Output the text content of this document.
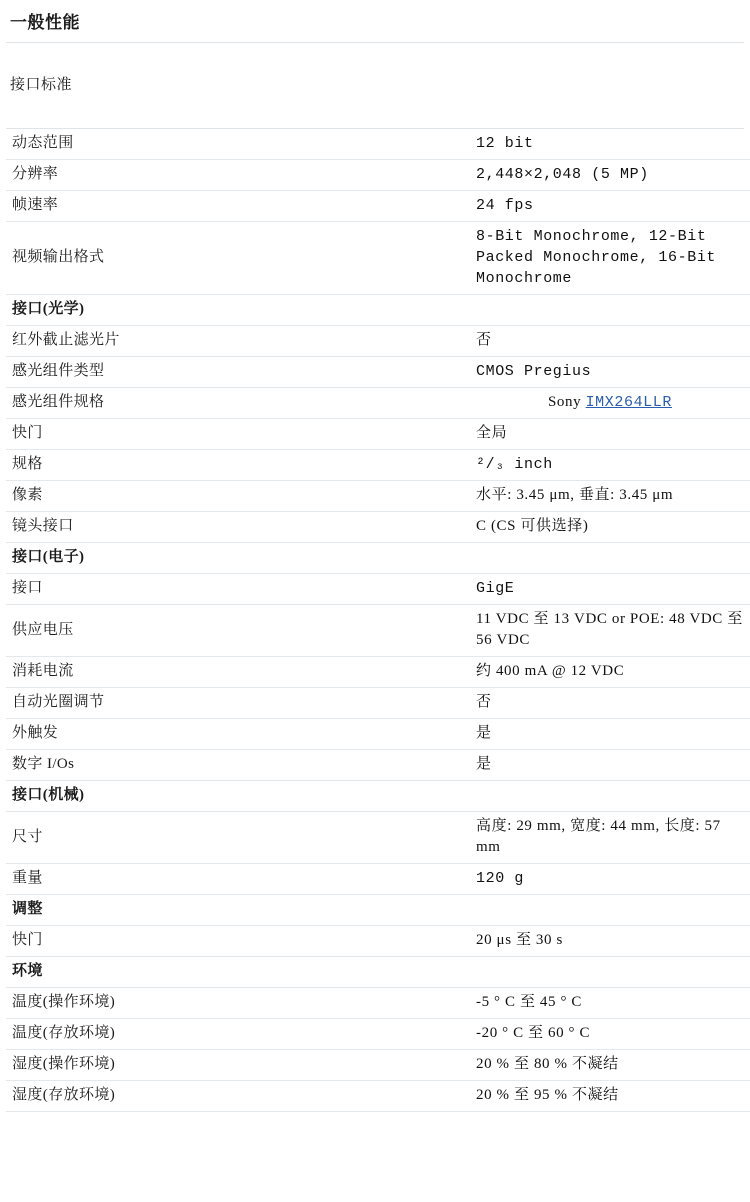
一般性能
接口标准
动态范围	12 bit
分辨率	2,448×2,048 (5 MP)
帧速率	24 fps
视频输出格式	8-Bit Monochrome, 12-Bit Packed Monochrome, 16-Bit Monochrome
接口(光学)	
红外截止滤光片	否
感光组件类型	CMOS Pregius
感光组件规格	Sony IMX264LLR
快门	全局
规格	²/₃ inch
像素	水平: 3.45 μm, 垂直: 3.45 μm
镜头接口	C (CS 可供选择)
接口(电子)	
接口	GigE
供应电压	11 VDC 至 13 VDC or POE: 48 VDC 至 56 VDC
消耗电流	约 400 mA @ 12 VDC
自动光圈调节	否
外触发	是
数字 I/Os	是
接口(机械)	
尺寸	高度: 29 mm, 宽度: 44 mm, 长度: 57 mm
重量	120 g
调整	
快门	20 μs 至 30 s
环境	
温度(操作环境)	-5 ° C 至 45 ° C
温度(存放环境)	-20 ° C 至 60 ° C
湿度(操作环境)	20 % 至 80 % 不凝结
湿度(存放环境)	20 % 至 95 % 不凝结
